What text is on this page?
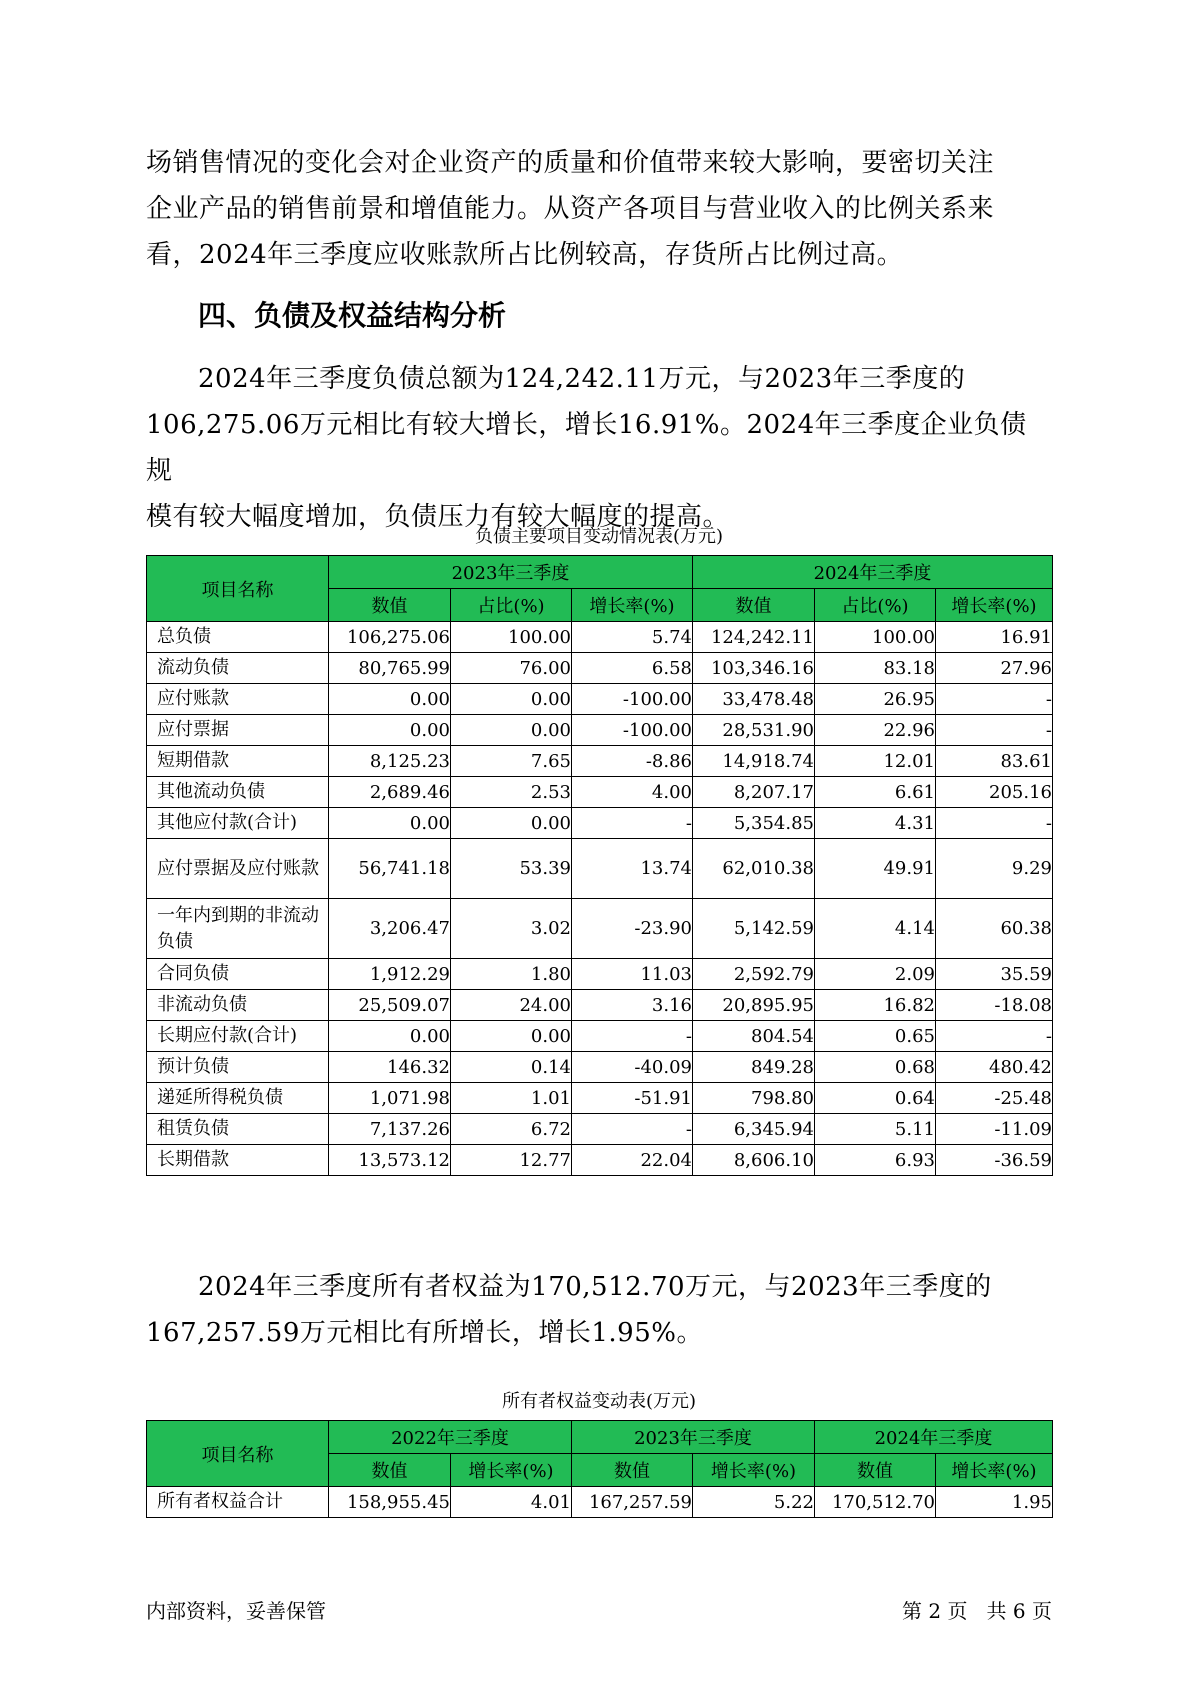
场销售情况的变化会对企业资产的质量和价值带来较大影响，要密切关注
企业产品的销售前景和增值能力。从资产各项目与营业收入的比例关系来
看，2024年三季度应收账款所占比例较高，存货所占比例过高。
四、负债及权益结构分析
2024年三季度负债总额为124,242.11万元，与2023年三季度的
106,275.06万元相比有较大增长，增长16.91%。2024年三季度企业负债规
模有较大幅度增加，负债压力有较大幅度的提高。
负债主要项目变动情况表(万元)
项目名称	2023年三季度			2024年三季度		
	数值	占比(%)	增长率(%)	数值	占比(%)	增长率(%)
总负债	106,275.06	100.00	5.74	124,242.11	100.00	16.91
流动负债	80,765.99	76.00	6.58	103,346.16	83.18	27.96
应付账款	0.00	0.00	-100.00	33,478.48	26.95	-
应付票据	0.00	0.00	-100.00	28,531.90	22.96	-
短期借款	8,125.23	7.65	-8.86	14,918.74	12.01	83.61
其他流动负债	2,689.46	2.53	4.00	8,207.17	6.61	205.16
其他应付款(合计)	0.00	0.00	-	5,354.85	4.31	-
应付票据及应付账款	56,741.18	53.39	13.74	62,010.38	49.91	9.29
一年内到期的非流动负债	3,206.47	3.02	-23.90	5,142.59	4.14	60.38
合同负债	1,912.29	1.80	11.03	2,592.79	2.09	35.59
非流动负债	25,509.07	24.00	3.16	20,895.95	16.82	-18.08
长期应付款(合计)	0.00	0.00	-	804.54	0.65	-
预计负债	146.32	0.14	-40.09	849.28	0.68	480.42
递延所得税负债	1,071.98	1.01	-51.91	798.80	0.64	-25.48
租赁负债	7,137.26	6.72	-	6,345.94	5.11	-11.09
长期借款	13,573.12	12.77	22.04	8,606.10	6.93	-36.59
2024年三季度所有者权益为170,512.70万元，与2023年三季度的
167,257.59万元相比有所增长，增长1.95%。
所有者权益变动表(万元)
项目名称	2022年三季度		2023年三季度		2024年三季度	
	数值	增长率(%)	数值	增长率(%)	数值	增长率(%)
所有者权益合计	158,955.45	4.01	167,257.59	5.22	170,512.70	1.95
内部资料，妥善保管	第 2 页   共 6 页
